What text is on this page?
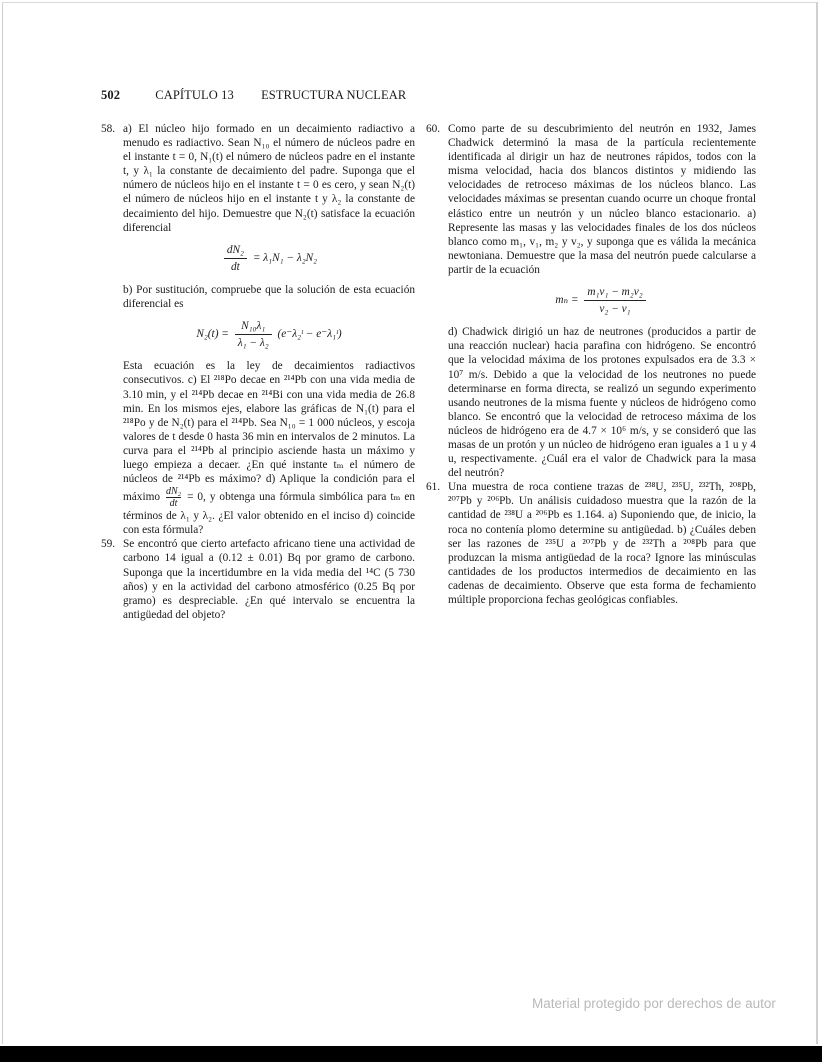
502	CAPÍTULO 13 ESTRUCTURA NUCLEAR
58. a) El núcleo hijo formado en un decaimiento radiactivo a menudo es radiactivo. Sean N₁₀ el número de núcleos padre en el instante t = 0, N₁(t) el número de núcleos padre en el instante t, y λ₁ la constante de decaimiento del padre. Suponga que el número de núcleos hijo en el instante t = 0 es cero, y sean N₂(t) el número de núcleos hijo en el instante t y λ₂ la constante de decaimiento del hijo. Demuestre que N₂(t) satisface la ecuación diferencial

$\frac{\text{dN₂}}{dt} = \lambda_1N_1 - \lambda_2N_2$

b) Por sustitución, compruebe que la solución de esta ecuación diferencial es

$N_2(t) = \frac{\text{N₁₀λ₁}}{\text{λ₁ − λ₂}}$ (e⁻λ₂ᵗ − e⁻λ₁ᵗ)

Esta ecuación es la ley de decaimientos radiactivos consecutivos. c) El ²¹⁸Po decae en ²¹⁴Pb con una vida media de 3.10 min, y el ²¹⁴Pb decae en ²¹⁴Bi con una vida media de 26.8 min. En los mismos ejes, elabore las gráficas de N₁(t) para el ²¹⁸Po y de N₂(t) para el ²¹⁴Pb. Sea N₁₀ = 1 000 núcleos, y escoja valores de t desde 0 hasta 36 min en intervalos de 2 minutos. La curva para el ²¹⁴Pb al principio asciende hasta un máximo y luego empieza a decaer. ¿En qué instante tₘ el número de núcleos de ²¹⁴Pb es máximo? d) Aplique la condición para el máximo $\frac{\text{dN₂}}{dt} = 0$, y obtenga una fórmula simbólica para tₘ en términos de λ₁ y λ₂. ¿El valor obtenido en el inciso d) coincide con esta fórmula?

59. Se encontró que cierto artefacto africano tiene una actividad de carbono 14 igual a (0.12 ± 0.01) Bq por gramo de carbono. Suponga que la incertidumbre en la vida media del ¹⁴C (5 730 años) y en la actividad del carbono atmosférico (0.25 Bq por gramo) es despreciable. ¿En qué intervalo se encuentra la antigüedad del objeto?

60. Como parte de su descubrimiento del neutrón en 1932, James Chadwick determinó la masa de la partícula recientemente identificada al dirigir un haz de neutrones rápidos, todos con la misma velocidad, hacia dos blancos distintos y midiendo las velocidades de retroceso máximas de los núcleos blanco. Las velocidades máximas se presentan cuando ocurre un choque frontal elástico entre un neutrón y un núcleo blanco estacionario. a) Represente las masas y las velocidades finales de los dos núcleos blanco como m₁, v₁, m₂ y v₂, y suponga que es válida la mecánica newtoniana. Demuestre que la masa del neutrón puede calcularse a partir de la ecuación

$m_n = \frac{\text{m₁v₁ − m₂v₂}}{\text{v₂ − v₁}}$

d) Chadwick dirigió un haz de neutrones (producidos a partir de una reacción nuclear) hacia parafina con hidrógeno. Se encontró que la velocidad máxima de los protones expulsados era de 3.3 × 10⁷ m/s. Debido a que la velocidad de los neutrones no puede determinarse en forma directa, se realizó un segundo experimento usando neutrones de la misma fuente y núcleos de hidrógeno como blanco. Se encontró que la velocidad de retroceso máxima de los núcleos de hidrógeno era de 4.7 × 10⁶ m/s, y se consideró que las masas de un protón y un núcleo de hidrógeno eran iguales a 1 u y 4 u, respectivamente. ¿Cuál era el valor de Chadwick para la masa del neutrón?

61. Una muestra de roca contiene trazas de ²³⁸U, ²³⁵U, ²³²Th, ²⁰⁸Pb, ²⁰⁷Pb y ²⁰⁶Pb. Un análisis cuidadoso muestra que la razón de la cantidad de ²³⁸U a ²⁰⁶Pb es 1.164. a) Suponiendo que, de inicio, la roca no contenía plomo determine su antigüedad. b) ¿Cuáles deben ser las razones de ²³⁵U a ²⁰⁷Pb y de ²³²Th a ²⁰⁸Pb para que produzcan la misma antigüedad de la roca? Ignore las minúsculas cantidades de los productos intermedios de decaimiento en las cadenas de decaimiento. Observe que esta forma de fechamiento múltiple proporciona fechas geológicas confiables.

Material protegido por derechos de autor
